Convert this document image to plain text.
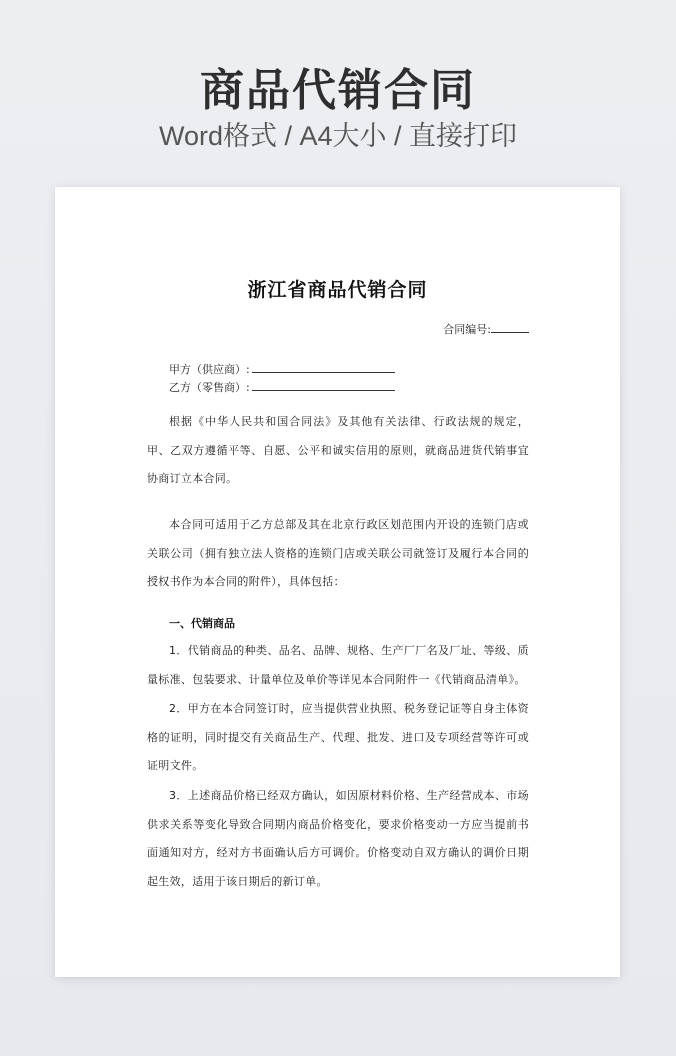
商品代销合同
Word格式 / A4大小 / 直接打印
浙江省商品代销合同
合同编号:
甲方（供应商）:
乙方（零售商）:
根据《中华人民共和国合同法》及其他有关法律、行政法规的规定，甲、乙双方遵循平等、自愿、公平和诚实信用的原则，就商品进货代销事宜协商订立本合同。
本合同可适用于乙方总部及其在北京行政区划范围内开设的连锁门店或关联公司（拥有独立法人资格的连锁门店或关联公司就签订及履行本合同的授权书作为本合同的附件），具体包括：
一、代销商品
1．代销商品的种类、品名、品牌、规格、生产厂厂名及厂址、等级、质量标准、包装要求、计量单位及单价等详见本合同附件一《代销商品清单》。
2．甲方在本合同签订时，应当提供营业执照、税务登记证等自身主体资格的证明，同时提交有关商品生产、代理、批发、进口及专项经营等许可或证明文件。
3．上述商品价格已经双方确认，如因原材料价格、生产经营成本、市场供求关系等变化导致合同期内商品价格变化，要求价格变动一方应当提前书面通知对方，经对方书面确认后方可调价。价格变动自双方确认的调价日期起生效，适用于该日期后的新订单。
